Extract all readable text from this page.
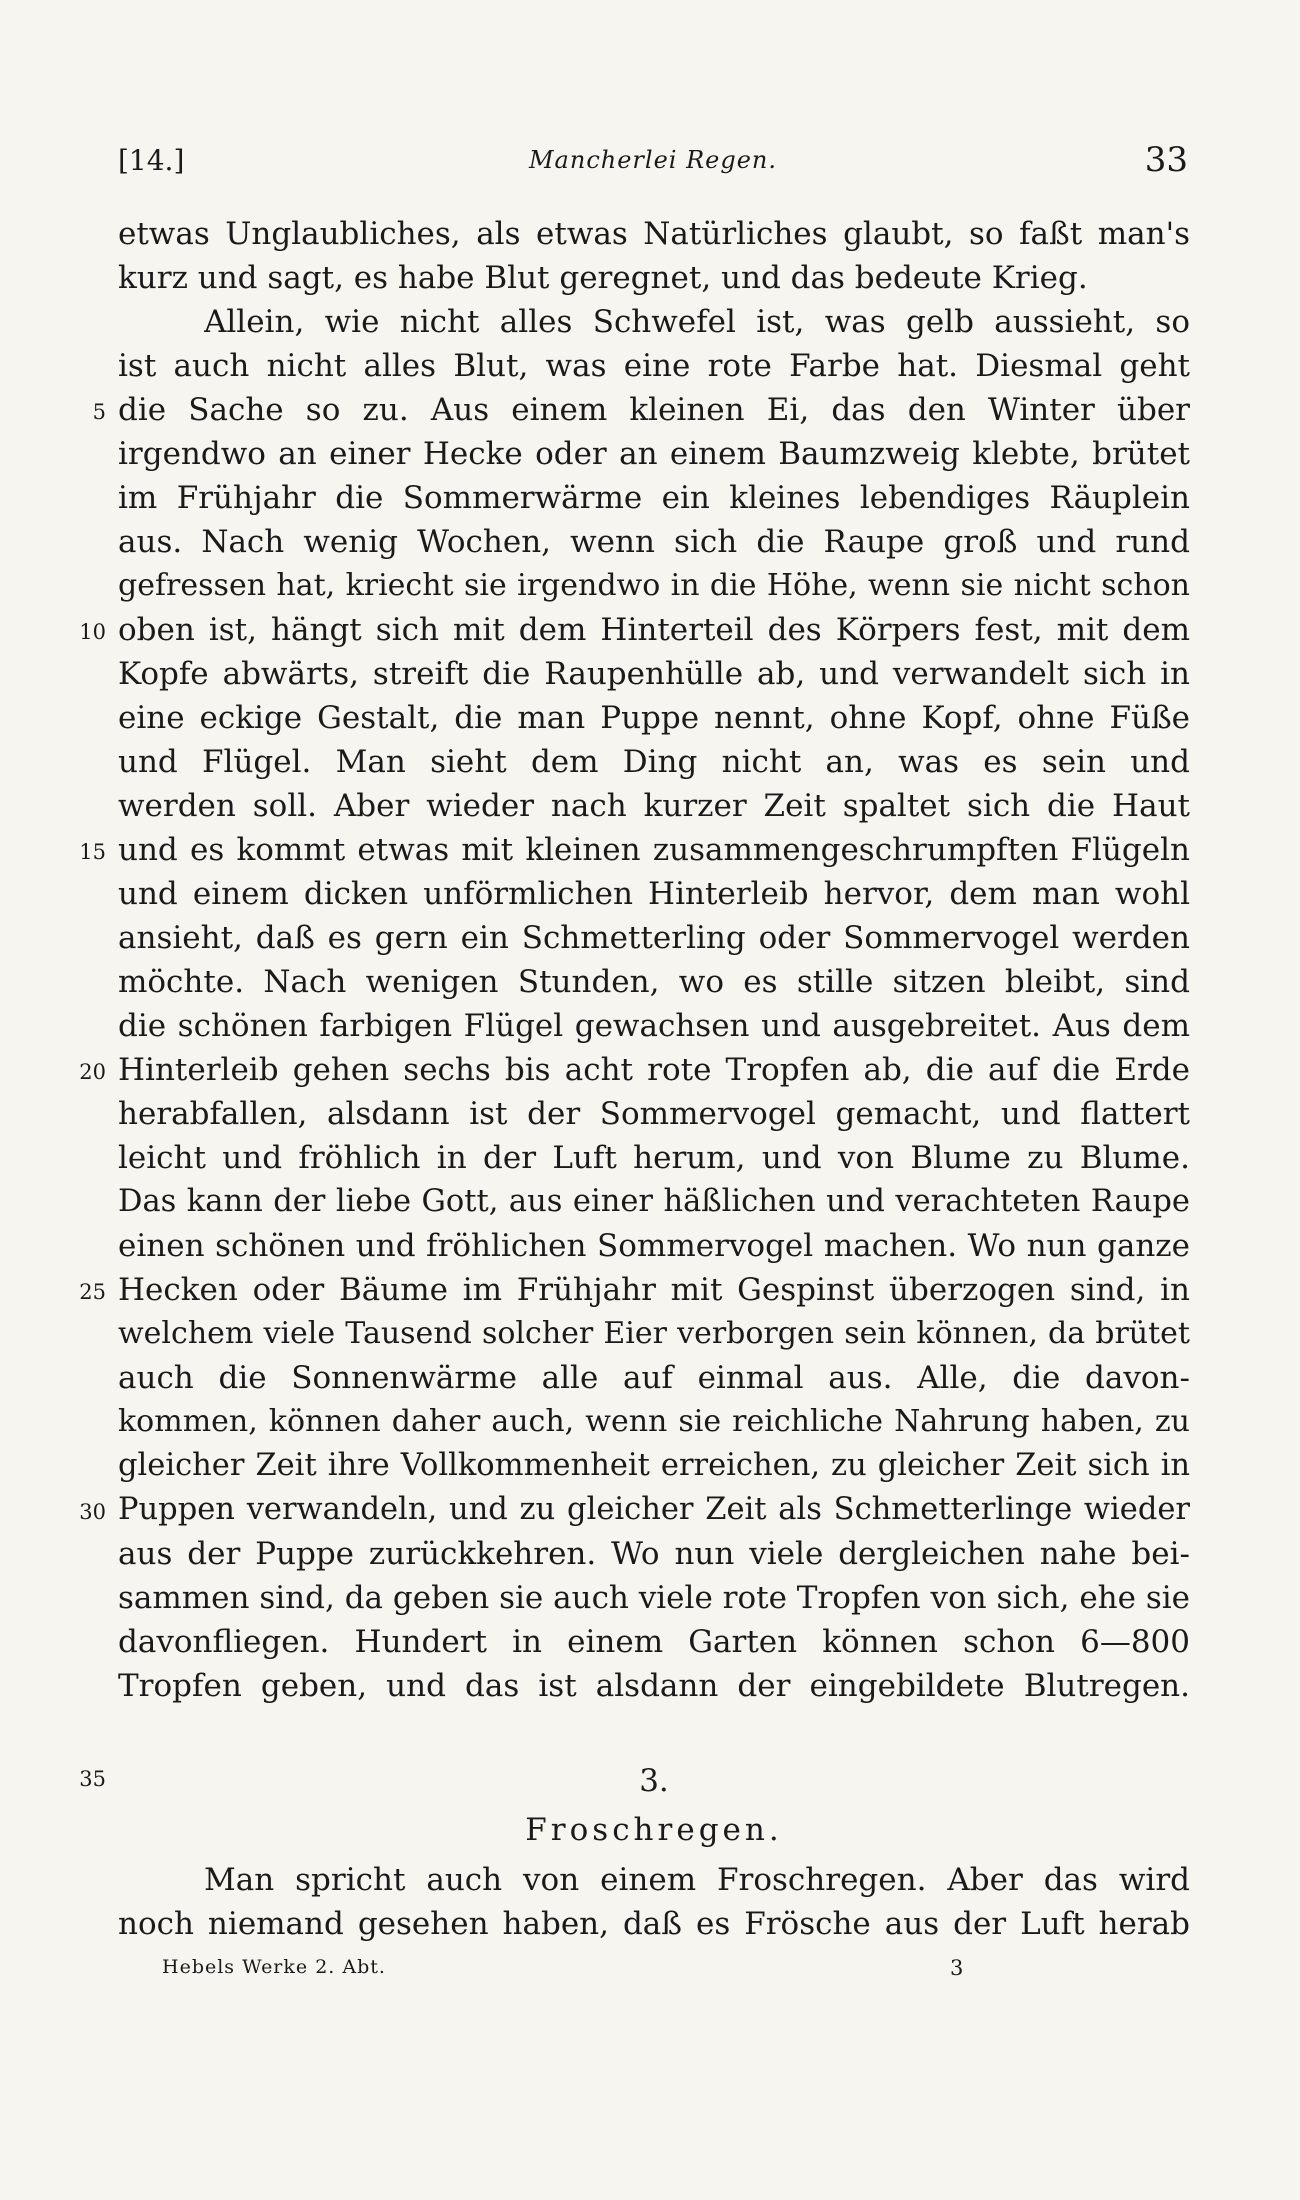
[14.]	Mancherlei Regen.	33
etwas Unglaubliches, als etwas Natürliches glaubt, so faßt man's
kurz und sagt, es habe Blut geregnet, und das bedeute Krieg.
Allein, wie nicht alles Schwefel ist, was gelb aussieht, so
ist auch nicht alles Blut, was eine rote Farbe hat. Diesmal geht
die Sache so zu. Aus einem kleinen Ei, das den Winter über
5
irgendwo an einer Hecke oder an einem Baumzweig klebte, brütet
im Frühjahr die Sommerwärme ein kleines lebendiges Räuplein
aus. Nach wenig Wochen, wenn sich die Raupe groß und rund
gefressen hat, kriecht sie irgendwo in die Höhe, wenn sie nicht schon
oben ist, hängt sich mit dem Hinterteil des Körpers fest, mit dem
10
Kopfe abwärts, streift die Raupenhülle ab, und verwandelt sich in
eine eckige Gestalt, die man Puppe nennt, ohne Kopf, ohne Füße
und Flügel. Man sieht dem Ding nicht an, was es sein und
werden soll. Aber wieder nach kurzer Zeit spaltet sich die Haut
und es kommt etwas mit kleinen zusammengeschrumpften Flügeln
15
und einem dicken unförmlichen Hinterleib hervor, dem man wohl
ansieht, daß es gern ein Schmetterling oder Sommervogel werden
möchte. Nach wenigen Stunden, wo es stille sitzen bleibt, sind
die schönen farbigen Flügel gewachsen und ausgebreitet. Aus dem
Hinterleib gehen sechs bis acht rote Tropfen ab, die auf die Erde
20
herabfallen, alsdann ist der Sommervogel gemacht, und flattert
leicht und fröhlich in der Luft herum, und von Blume zu Blume.
Das kann der liebe Gott, aus einer häßlichen und verachteten Raupe
einen schönen und fröhlichen Sommervogel machen. Wo nun ganze
Hecken oder Bäume im Frühjahr mit Gespinst überzogen sind, in
25
welchem viele Tausend solcher Eier verborgen sein können, da brütet
auch die Sonnenwärme alle auf einmal aus. Alle, die davon-
kommen, können daher auch, wenn sie reichliche Nahrung haben, zu
gleicher Zeit ihre Vollkommenheit erreichen, zu gleicher Zeit sich in
Puppen verwandeln, und zu gleicher Zeit als Schmetterlinge wieder
30
aus der Puppe zurückkehren. Wo nun viele dergleichen nahe bei-
sammen sind, da geben sie auch viele rote Tropfen von sich, ehe sie
davonfliegen. Hundert in einem Garten können schon 6—800
Tropfen geben, und das ist alsdann der eingebildete Blutregen.
35	3.
Froschregen.
Man spricht auch von einem Froschregen. Aber das wird
noch niemand gesehen haben, daß es Frösche aus der Luft herab
Hebels Werke 2. Abt.	3
